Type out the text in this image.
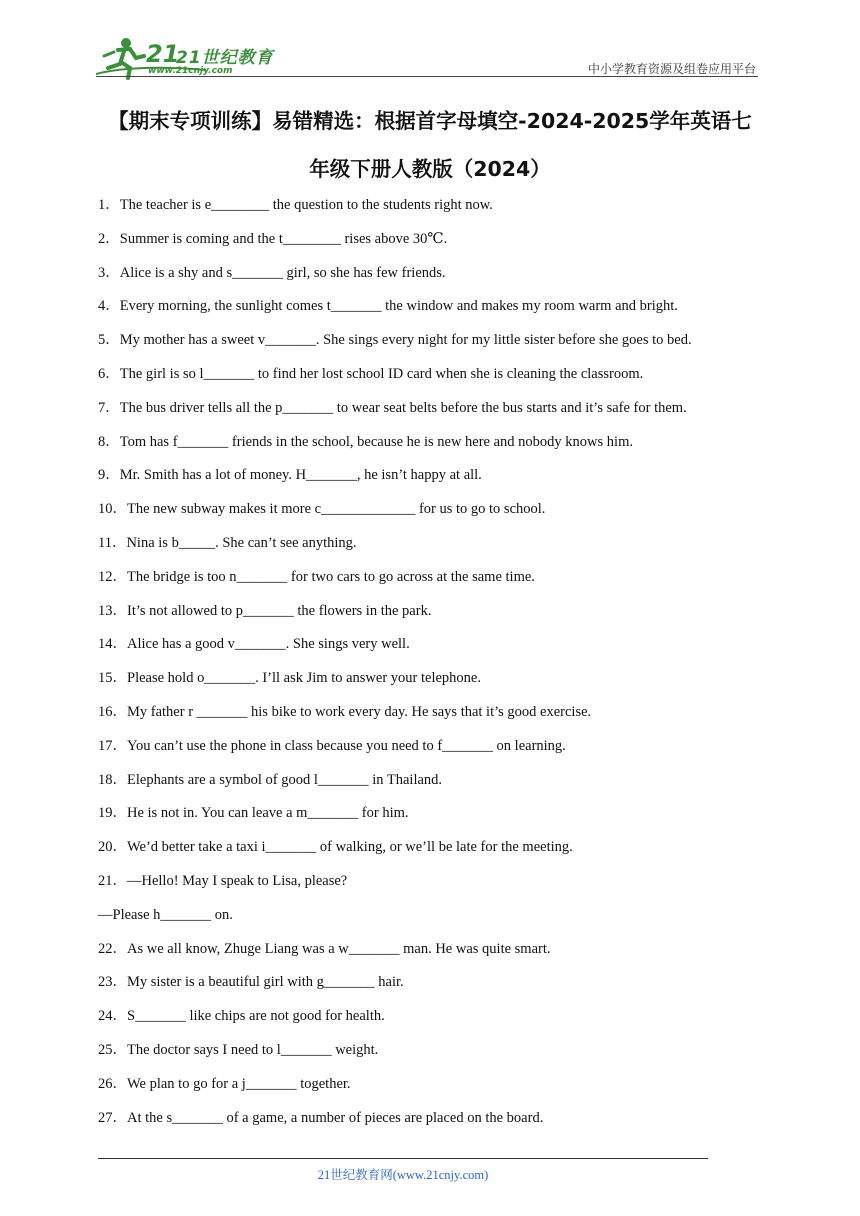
21
21世纪教育
www.21cnjy.com	中小学教育资源及组卷应用平台
【期末专项训练】易错精选：根据首字母填空-2024-2025学年英语七
年级下册人教版（2024）
1．The teacher is e________ the question to the students right now.
2．Summer is coming and the t________ rises above 30℃.
3．Alice is a shy and s_______ girl, so she has few friends.
4．Every morning, the sunlight comes t_______ the window and makes my room warm and bright.
5．My mother has a sweet v_______. She sings every night for my little sister before she goes to bed.
6．The girl is so l_______ to find her lost school ID card when she is cleaning the classroom.
7．The bus driver tells all the p_______ to wear seat belts before the bus starts and it’s safe for them.
8．Tom has f_______ friends in the school, because he is new here and nobody knows him.
9．Mr. Smith has a lot of money. H_______, he isn’t happy at all.
10．The new subway makes it more c_____________ for us to go to school.
11．Nina is b_____. She can’t see anything.
12．The bridge is too n_______ for two cars to go across at the same time.
13．It’s not allowed to p_______ the flowers in the park.
14．Alice has a good v_______. She sings very well.
15．Please hold o_______. I’ll ask Jim to answer your telephone.
16．My father r _______ his bike to work every day. He says that it’s good exercise.
17．You can’t use the phone in class because you need to f_______ on learning.
18．Elephants are a symbol of good l_______ in Thailand.
19．He is not in. You can leave a m_______ for him.
20．We’d better take a taxi i_______ of walking, or we’ll be late for the meeting.
21．—Hello! May I speak to Lisa, please?
—Please h_______ on.
22．As we all know, Zhuge Liang was a w_______ man. He was quite smart.
23．My sister is a beautiful girl with g_______ hair.
24．S_______ like chips are not good for health.
25．The doctor says I need to l_______ weight.
26．We plan to go for a j_______ together.
27．At the s_______ of a game, a number of pieces are placed on the board.
21世纪教育网(www.21cnjy.com)
